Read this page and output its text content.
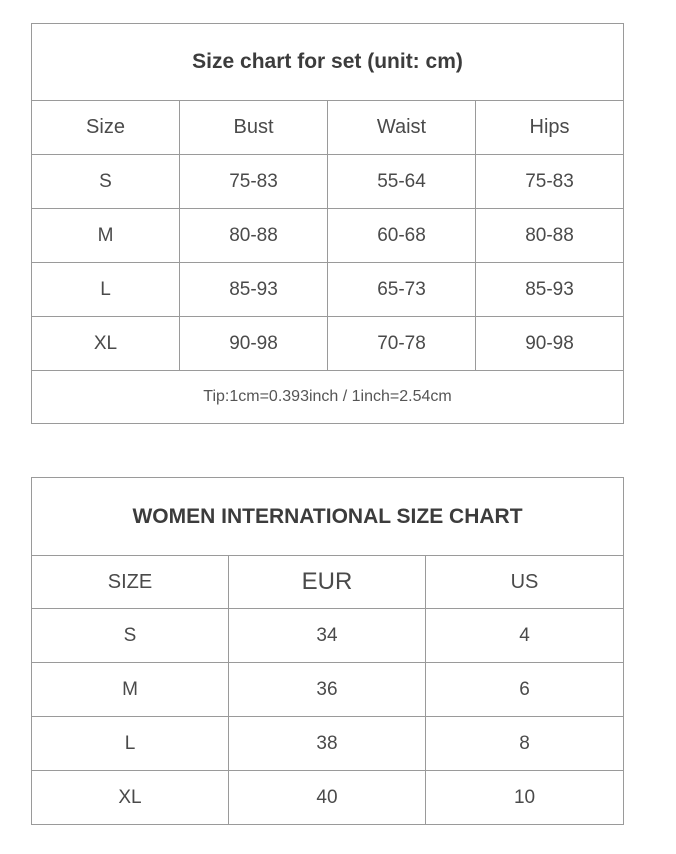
Size chart for set (unit: cm)			
Size	Bust	Waist	Hips
S	75-83	55-64	75-83
M	80-88	60-68	80-88
L	85-93	65-73	85-93
XL	90-98	70-78	90-98
Tip:1cm=0.393inch / 1inch=2.54cm			
WOMEN INTERNATIONAL SIZE CHART		
SIZE	EUR	US
S	34	4
M	36	6
L	38	8
XL	40	10
